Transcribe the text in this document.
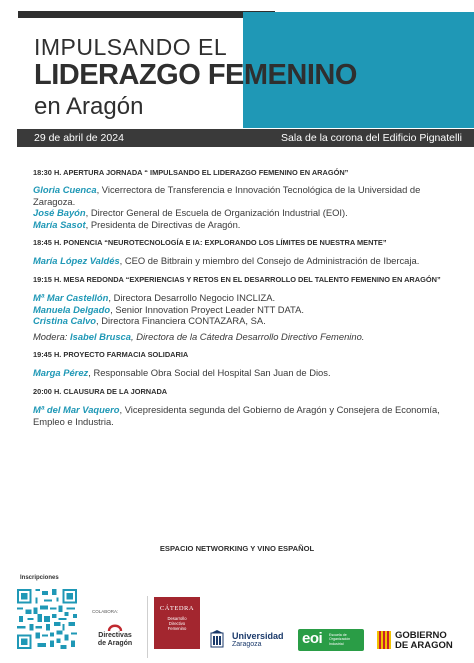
IMPULSANDO EL
LIDERAZGO FEMENINO
en Aragón
29 de abril de 2024	Sala de la corona del Edificio Pignatelli
18:30 H. APERTURA JORNADA “ IMPULSANDO EL LIDERAZGO FEMENINO EN ARAGÓN”

Gloria Cuenca, Vicerrectora de Transferencia e Innovación Tecnológica de la Universidad de Zaragoza.

José Bayón, Director General de Escuela de Organización Industrial (EOI).

María Sasot, Presidenta de Directivas de Aragón.

18:45 H. PONENCIA “NEUROTECNOLOGÍA E IA: EXPLORANDO LOS LÍMITES DE NUESTRA MENTE”

María López Valdés, CEO de Bitbrain y miembro del Consejo de Administración de Ibercaja.

19:15 H. MESA REDONDA “EXPERIENCIAS Y RETOS EN EL DESARROLLO DEL TALENTO FEMENINO EN ARAGÓN”

Mª Mar Castellón, Directora Desarrollo Negocio INCLIZA.

Manuela Delgado, Senior Innovation Proyect Leader NTT DATA.

Cristina Calvo, Directora Financiera CONTAZARA, SA.

Modera: Isabel Brusca, Directora de la Cátedra Desarrollo Directivo Femenino.

19:45 H. PROYECTO FARMACIA SOLIDARIA

Marga Pérez, Responsable Obra Social del Hospital San Juan de Dios.

20:00 H. CLAUSURA DE LA JORNADA

Mª del Mar Vaquero, Vicepresidenta segunda del Gobierno de Aragón y Consejera de Economía, Empleo e Industria.

ESPACIO NETWORKING Y VINO ESPAÑOL
Inscripciones
COLABORA:
Directivas
de Aragón
CÁTEDRA
Desarrollo Directivo Femenino
Universidad
Zaragoza	eoi Escuela de Organización Industrial
GOBIERNO
DE ARAGON
